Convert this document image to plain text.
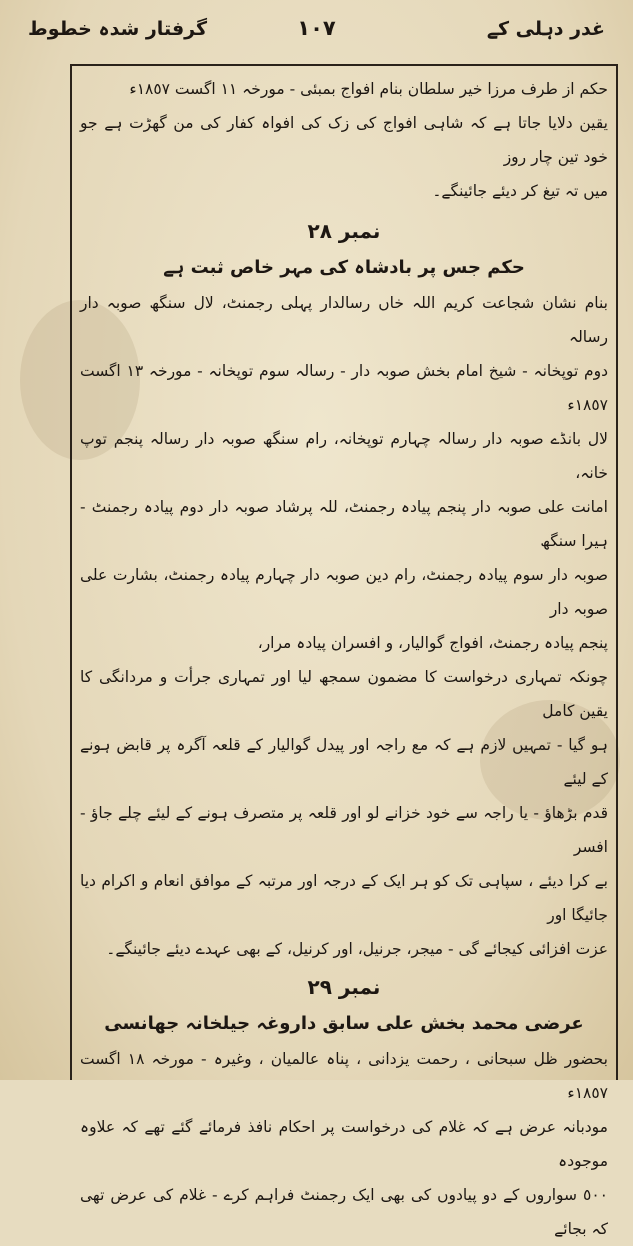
غدر دہلی کے
١٠٧
گرفتار شدہ خطوط

حکم از طرف مرزا خیر سلطان بنام افواج بمبئی - مورخہ ١١ اگست ١٨٥٧ء

یقین دلایا جاتا ہے کہ شاہی افواج کی زک کی افواہ کفار کی من گھڑت ہے جو خود تین چار روز

میں تہ تیغ کر دیئے جائینگے۔

نمبر ٢٨

حکم جس پر بادشاہ کی مہر خاص ثبت ہے

بنام نشان شجاعت کریم اللہ خاں رسالدار پہلی رجمنٹ، لال سنگھ صوبہ دار رسالہ

دوم توپخانہ - شیخ امام بخش صوبہ دار - رسالہ سوم توپخانہ - مورخہ ١٣ اگست ١٨٥٧ء

لال بانڈے صوبہ دار رسالہ چہارم توپخانہ، رام سنگھ صوبہ دار رسالہ پنجم توپ خانہ،

امانت علی صوبہ دار پنجم پیادہ رجمنٹ، للہ پرشاد صوبہ دار دوم پیادہ رجمنٹ - ہیرا سنگھ

صوبہ دار سوم پیادہ رجمنٹ، رام دین صوبہ دار چہارم پیادہ رجمنٹ، بشارت علی صوبہ دار

پنجم پیادہ رجمنٹ، افواج گوالیار، و افسران پیادہ مرار،

چونکہ تمہاری درخواست کا مضمون سمجھ لیا اور تمہاری جرأت و مردانگی کا یقین کامل

ہو گیا - تمہیں لازم ہے کہ مع راجہ اور پیدل گوالیار کے قلعہ آگرہ پر قابض ہونے کے لیئے

قدم بڑھاؤ - یا راجہ سے خود خزانے لو اور قلعہ پر متصرف ہونے کے لیئے چلے جاؤ - افسر

بے کرا دیئے ، سپاہی تک کو ہر ایک کے درجہ اور مرتبہ کے موافق انعام و اکرام دیا جائیگا اور

عزت افزائی کیجائے گی - میجر، جرنیل، اور کرنیل، کے بھی عہدے دیئے جائینگے۔

نمبر ٢٩

عرضی محمد بخش علی سابق داروغہ جیلخانہ جھانسی

بحضور ظل سبحانی ، رحمت یزدانی ، پناہ عالمیان ، وغیرہ - مورخہ ١٨ اگست ١٨٥٧ء

مودبانہ عرض ہے کہ غلام کی درخواست پر احکام نافذ فرمائے گئے تھے کہ علاوہ موجودہ

٥٠٠ سواروں کے دو پیادوں کی بھی ایک رجمنٹ فراہم کرے - غلام کی عرض تھی کہ بجائے
